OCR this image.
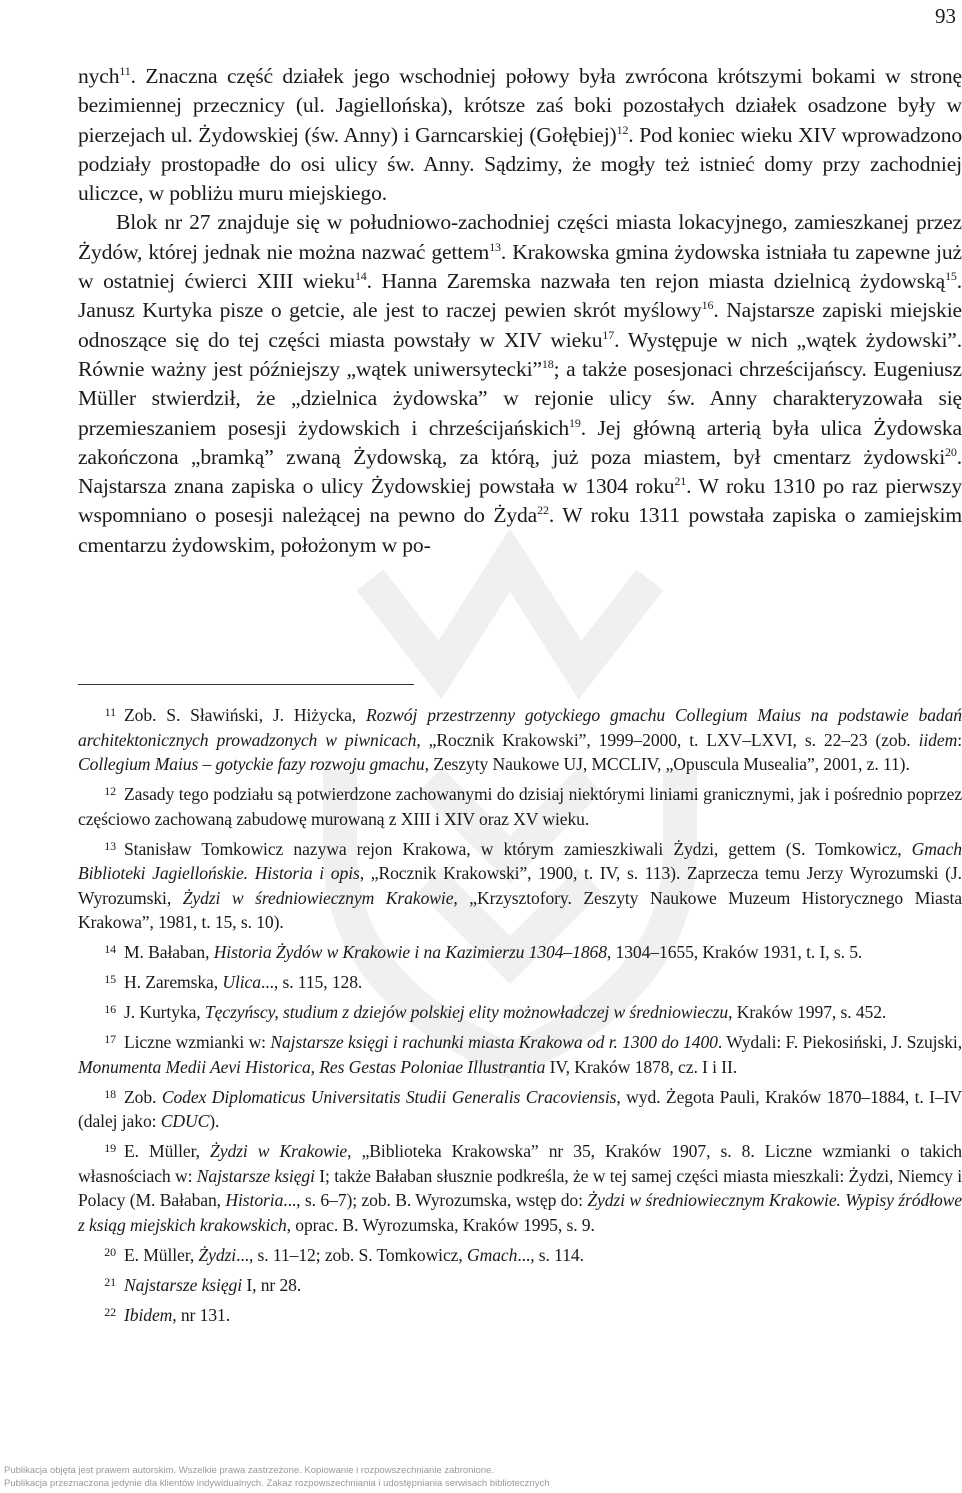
93

nych$^{11}$. Znaczna część działek jego wschodniej połowy była zwrócona krótszymi bokami w stronę bezimiennej przecznicy (ul. Jagiellońska), krótsze zaś boki pozostałych działek osadzone były w pierzejach ul. Żydowskiej (św. Anny) i Garncarskiej (Gołębiej)$^{12}$. Pod koniec wieku XIV wprowadzono podziały prostopadłe do osi ulicy św. Anny. Sądzimy, że mogły też istnieć domy przy zachodniej uliczce, w pobliżu muru miejskiego.

Blok nr 27 znajduje się w południowo-zachodniej części miasta lokacyjnego, zamieszkanej przez Żydów, której jednak nie można nazwać gettem$^{13}$. Krakowska gmina żydowska istniała tu zapewne już w ostatniej ćwierci XIII wieku$^{14}$. Hanna Zaremska nazwała ten rejon miasta dzielnicą żydowską$^{15}$. Janusz Kurtyka pisze o getcie, ale jest to raczej pewien skrót myślowy$^{16}$. Najstarsze zapiski miejskie odnoszące się do tej części miasta powstały w XIV wieku$^{17}$. Występuje w nich „wątek żydowski”. Równie ważny jest późniejszy „wątek uniwersytecki”$^{18}$; a także posesjonaci chrześcijańscy. Eugeniusz Müller stwierdził, że „dzielnica żydowska” w rejonie ulicy św. Anny charakteryzowała się przemieszaniem posesji żydowskich i chrześcijańskich$^{19}$. Jej główną arterią była ulica Żydowska zakończona „bramką” zwaną Żydowską, za którą, już poza miastem, był cmentarz żydowski$^{20}$. Najstarsza znana zapiska o ulicy Żydowskiej powstała w 1304 roku$^{21}$. W roku 1310 po raz pierwszy wspomniano o posesji należącej na pewno do Żyda$^{22}$. W roku 1311 powstała zapiska o zamiejskim cmentarzu żydowskim, położonym w po-

11 Zob. S. Sławiński, J. Hiżycka, Rozwój przestrzenny gotyckiego gmachu Collegium Maius na podstawie badań architektonicznych prowadzonych w piwnicach, „Rocznik Krakowski”, 1999–2000, t. LXV–LXVI, s. 22–23 (zob. iidem: Collegium Maius – gotyckie fazy rozwoju gmachu, Zeszyty Naukowe UJ, MCCLIV, „Opuscula Musealia”, 2001, z. 11).

12 Zasady tego podziału są potwierdzone zachowanymi do dzisiaj niektórymi liniami granicznymi, jak i pośrednio poprzez częściowo zachowaną zabudowę murowaną z XIII i XIV oraz XV wieku.

13 Stanisław Tomkowicz nazywa rejon Krakowa, w którym zamieszkiwali Żydzi, gettem (S. Tomkowicz, Gmach Biblioteki Jagiellońskie. Historia i opis, „Rocznik Krakowski”, 1900, t. IV, s. 113). Zaprzecza temu Jerzy Wyrozumski (J. Wyrozumski, Żydzi w średniowiecznym Krakowie, „Krzysztofory. Zeszyty Naukowe Muzeum Historycznego Miasta Krakowa”, 1981, t. 15, s. 10).

14 M. Bałaban, Historia Żydów w Krakowie i na Kazimierzu 1304–1868, 1304–1655, Kraków 1931, t. I, s. 5.

15 H. Zaremska, Ulica..., s. 115, 128.

16 J. Kurtyka, Tęczyńscy, studium z dziejów polskiej elity możnowładczej w średniowieczu, Kraków 1997, s. 452.

17 Liczne wzmianki w: Najstarsze księgi i rachunki miasta Krakowa od r. 1300 do 1400. Wydali: F. Piekosiński, J. Szujski, Monumenta Medii Aevi Historica, Res Gestas Poloniae Illustrantia IV, Kraków 1878, cz. I i II.

18 Zob. Codex Diplomaticus Universitatis Studii Generalis Cracoviensis, wyd. Żegota Pauli, Kraków 1870–1884, t. I–IV (dalej jako: CDUC).

19 E. Müller, Żydzi w Krakowie, „Biblioteka Krakowska” nr 35, Kraków 1907, s. 8. Liczne wzmianki o takich własnościach w: Najstarsze księgi I; także Bałaban słusznie podkreśla, że w tej samej części miasta mieszkali: Żydzi, Niemcy i Polacy (M. Bałaban, Historia..., s. 6–7); zob. B. Wyrozumska, wstęp do: Żydzi w średniowiecznym Krakowie. Wypisy źródłowe z ksiąg miejskich krakowskich, oprac. B. Wyrozumska, Kraków 1995, s. 9.

20 E. Müller, Żydzi..., s. 11–12; zob. S. Tomkowicz, Gmach..., s. 114.

21 Najstarsze księgi I, nr 28.

22 Ibidem, nr 131.

Publikacja objęta jest prawem autorskim. Wszelkie prawa zastrzeżone. Kopiowanie i rozpowszechnianie zabronione.
Publikacja przeznaczona jedynie dla klientów indywidualnych. Zakaz rozpowszechniania i udostępniania serwisach bibliotecznych
